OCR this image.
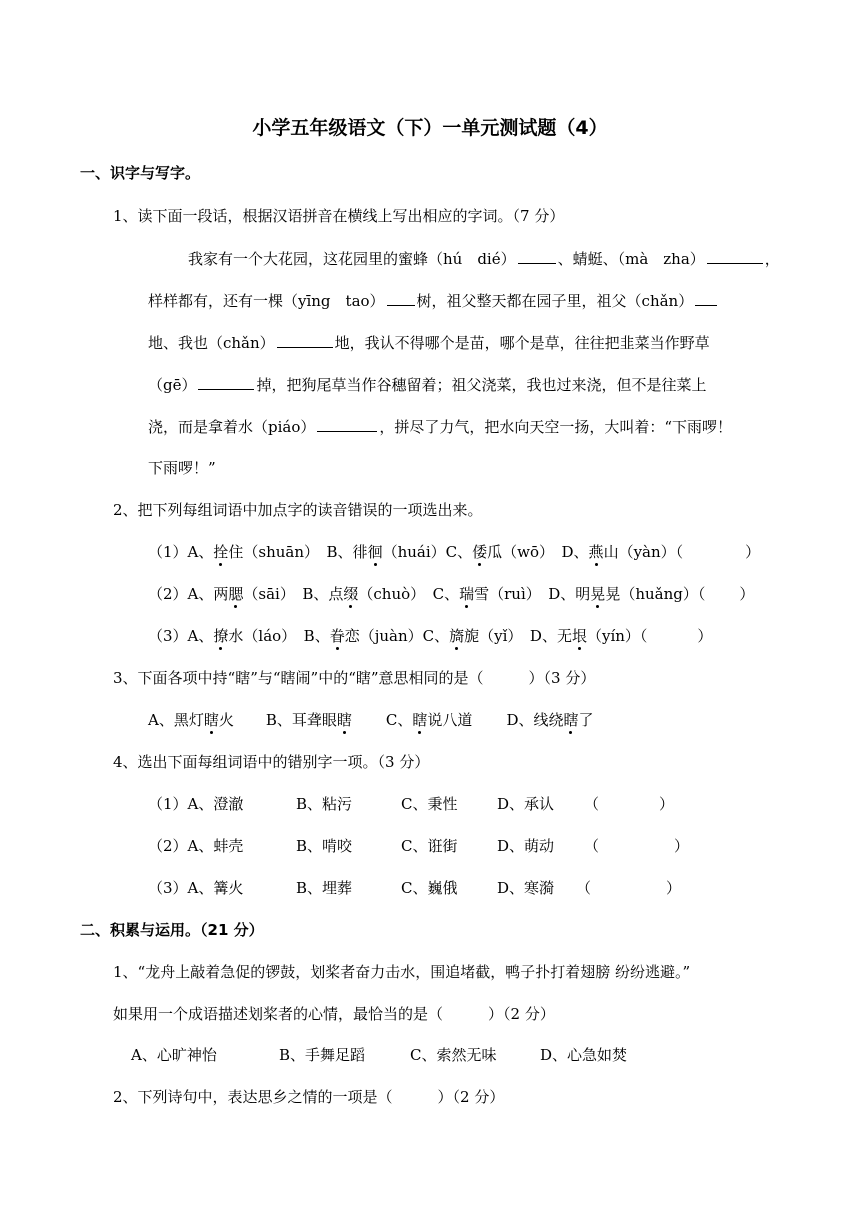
小学五年级语文（下）一单元测试题（4）
一、识字与写字。
1、读下面一段话，根据汉语拼音在横线上写出相应的字词。（7 分）
我家有一个大花园，这花园里的蜜蜂（hú　dié）	、蜻蜓、（mà　zha）	，
样样都有，还有一棵（yīng　tao） 树，祖父整天都在园子里，祖父（chǎn）
地、我也（chǎn）	地，我认不得哪个是苗，哪个是草，往往把韭菜当作野草
（gē）	掉，把狗尾草当作谷穗留着；祖父浇菜，我也过来浇，但不是往菜上
浇，而是拿着水（piáo）	，拼尽了力气，把水向天空一扬，大叫着：“下雨啰！
下雨啰！”
2、把下列每组词语中加点字的读音错误的一项选出来。
（1）A、拴住（shuān）　B、徘徊（huái）C、倭瓜（wō）　D、燕山（yàn）（	）
（2）A、两腮（sāi）　B、点缀（chuò）　C、瑞雪（ruì）　D、明晃晃（huǎng）（ ）
（3）A、撩水（láo）　B、眷恋（juàn）C、旖旎（yǐ）　D、无垠（yín）（	）
3、下面各项中持“瞎”与“瞎闹”中的“瞎”意思相同的是（　　　）（3 分）
A、黑灯瞎火 B、耳聋眼瞎 C、瞎说八道 D、线绕瞎了
4、选出下面每组词语中的错别字一项。（3 分）
（1）A、澄澈	B、粘污	C、秉性	D、承认 （　　　　）
（2）A、蚌壳	B、啃咬	C、诳街	D、萌动 （　　　　　）
（3）A、篝火	B、埋葬	C、巍俄	D、寒漪 （　　　　　）
二、积累与运用。（21 分）
1、“龙舟上敲着急促的锣鼓，划桨者奋力击水，围追堵截，鸭子扑打着翅膀 纷纷逃避。”
如果用一个成语描述划桨者的心情，最恰当的是（　　　）（2 分）
A、心旷神怡	B、手舞足蹈	C、索然无味	D、心急如焚
2、下列诗句中，表达思乡之情的一项是（　　　）（2 分）
